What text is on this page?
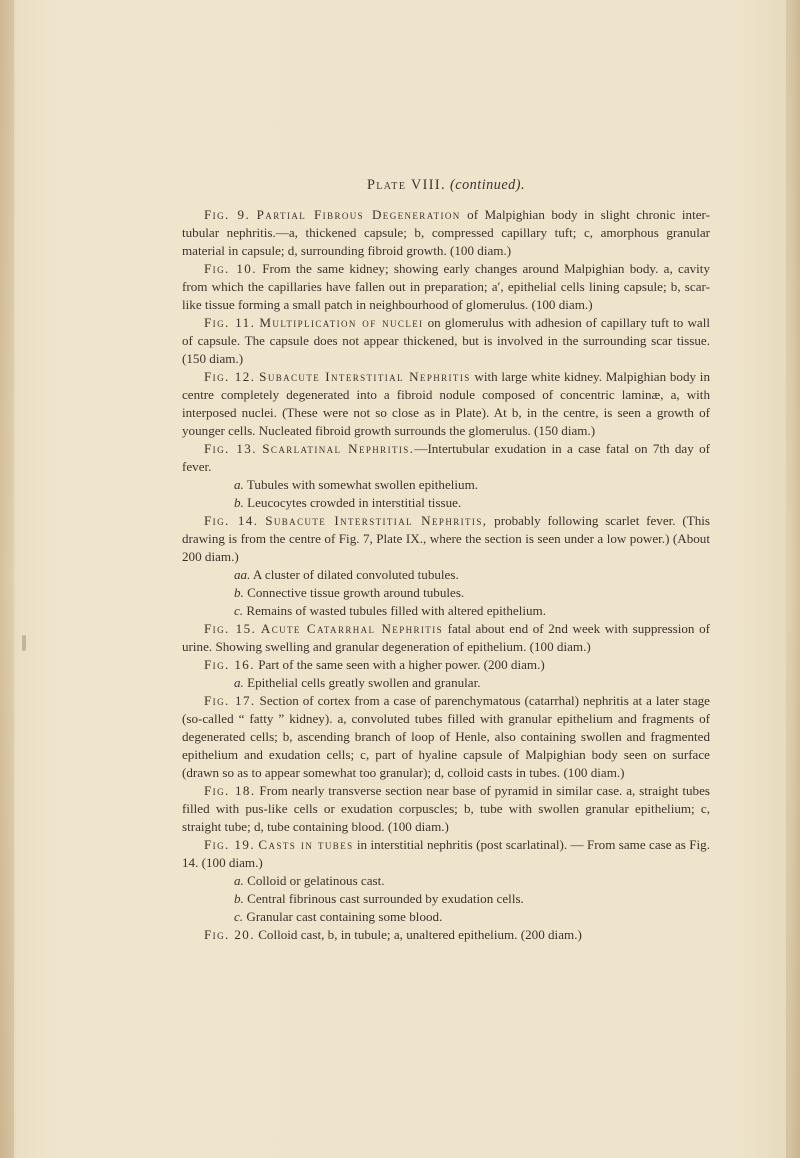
Plate VIII. (continued).

Fig. 9. Partial Fibrous Degeneration of Malpighian body in slight chronic inter-tubular nephritis.—a, thickened capsule; b, compressed capillary tuft; c, amorphous granular material in capsule; d, surrounding fibroid growth. (100 diam.)

Fig. 10. From the same kidney; showing early changes around Malpighian body. a, cavity from which the capillaries have fallen out in preparation; a′, epithelial cells lining capsule; b, scar-like tissue forming a small patch in neighbourhood of glomerulus. (100 diam.)

Fig. 11. Multiplication of nuclei on glomerulus with adhesion of capillary tuft to wall of capsule. The capsule does not appear thickened, but is involved in the surrounding scar tissue. (150 diam.)

Fig. 12. Subacute Interstitial Nephritis with large white kidney. Malpighian body in centre completely degenerated into a fibroid nodule composed of concentric laminæ, a, with interposed nuclei. (These were not so close as in Plate). At b, in the centre, is seen a growth of younger cells. Nucleated fibroid growth surrounds the glomerulus. (150 diam.)

Fig. 13. Scarlatinal Nephritis.—Intertubular exudation in a case fatal on 7th day of fever.

a. Tubules with somewhat swollen epithelium.

b. Leucocytes crowded in interstitial tissue.

Fig. 14. Subacute Interstitial Nephritis, probably following scarlet fever. (This drawing is from the centre of Fig. 7, Plate IX., where the section is seen under a low power.) (About 200 diam.)

aa. A cluster of dilated convoluted tubules.

b. Connective tissue growth around tubules.

c. Remains of wasted tubules filled with altered epithelium.

Fig. 15. Acute Catarrhal Nephritis fatal about end of 2nd week with suppression of urine. Showing swelling and granular degeneration of epithelium. (100 diam.)

Fig. 16. Part of the same seen with a higher power. (200 diam.)

a. Epithelial cells greatly swollen and granular.

Fig. 17. Section of cortex from a case of parenchymatous (catarrhal) nephritis at a later stage (so-called “ fatty ” kidney). a, convoluted tubes filled with granular epithelium and fragments of degenerated cells; b, ascending branch of loop of Henle, also containing swollen and fragmented epithelium and exudation cells; c, part of hyaline capsule of Malpighian body seen on surface (drawn so as to appear somewhat too granular); d, colloid casts in tubes. (100 diam.)

Fig. 18. From nearly transverse section near base of pyramid in similar case. a, straight tubes filled with pus-like cells or exudation corpuscles; b, tube with swollen granular epithelium; c, straight tube; d, tube containing blood. (100 diam.)

Fig. 19. Casts in tubes in interstitial nephritis (post scarlatinal). — From same case as Fig. 14. (100 diam.)

a. Colloid or gelatinous cast.

b. Central fibrinous cast surrounded by exudation cells.

c. Granular cast containing some blood.

Fig. 20. Colloid cast, b, in tubule; a, unaltered epithelium. (200 diam.)
